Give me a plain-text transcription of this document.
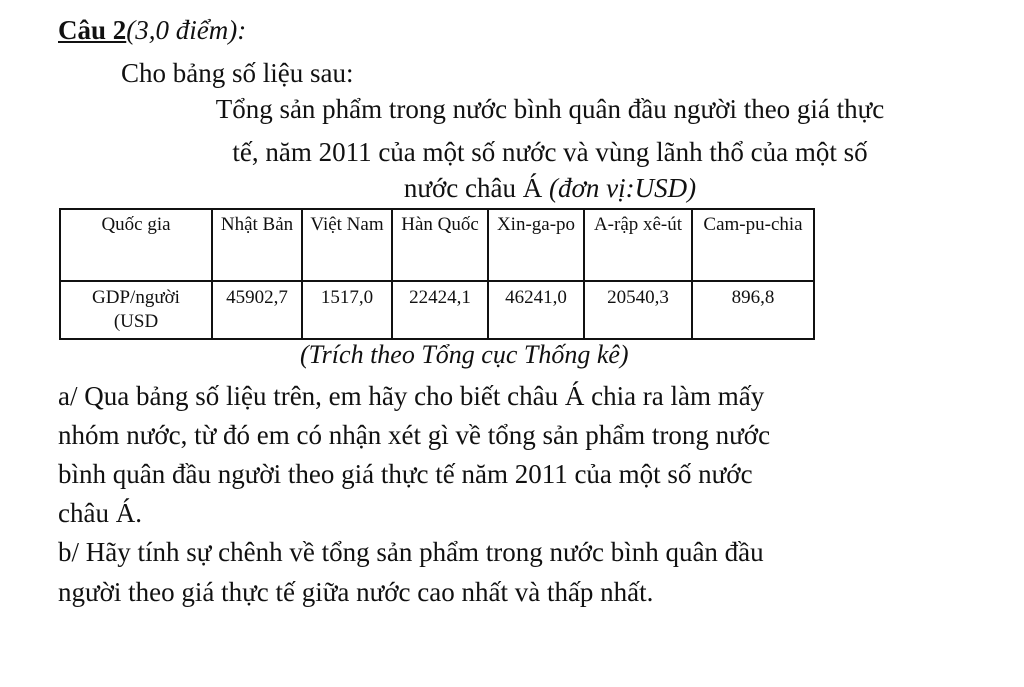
Câu 2(3,0 điểm):
Cho bảng số liệu sau:
Tổng sản phẩm trong nước bình quân đầu người theo giá thực
tế, năm 2011 của một số nước và vùng lãnh thổ của một số
nước châu Á (đơn vị:USD)
Quốc gia	Nhật Bản	Việt Nam	Hàn Quốc	Xin-ga-po	A-rập xê-út	Cam-pu-chia

GDP/người
(USD	45902,7	1517,0	22424,1	46241,0	20540,3	896,8
(Trích theo Tổng cục Thống kê)
a/ Qua bảng số liệu trên, em hãy cho biết châu Á chia ra làm mấy
nhóm nước, từ đó em có nhận xét gì về tổng sản phẩm trong nước
bình quân đầu người theo giá thực tế năm 2011 của một số nước
châu Á.
b/ Hãy tính sự chênh về tổng sản phẩm trong nước bình quân đầu
người theo giá thực tế giữa nước cao nhất và thấp nhất.
